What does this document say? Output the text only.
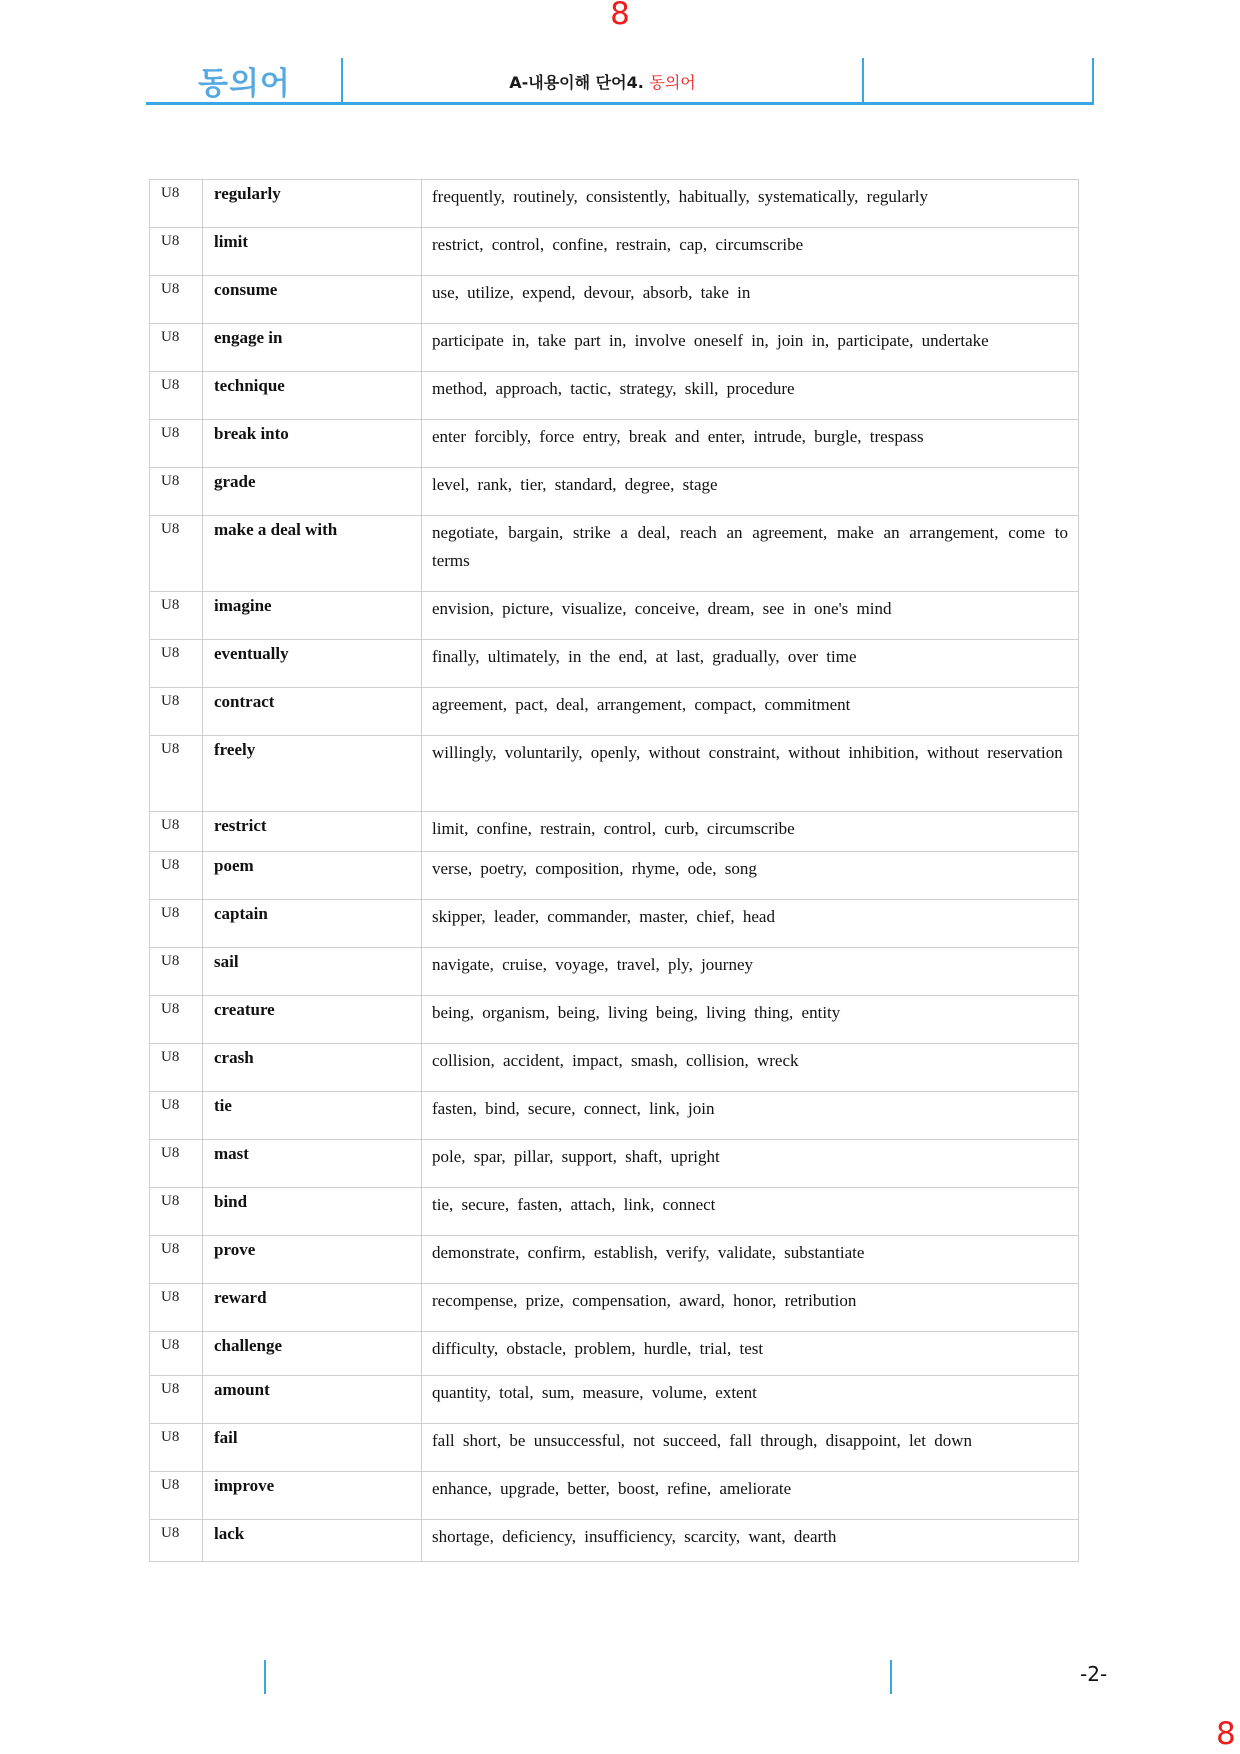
8
동의어	A-내용이해 단어4. 동의어
U8	regularly	frequently, routinely, consistently, habitually, systematically, regularly
U8	limit	restrict, control, confine, restrain, cap, circumscribe
U8	consume	use, utilize, expend, devour, absorb, take in
U8	engage in	participate in, take part in, involve oneself in, join in, participate, undertake
U8	technique	method, approach, tactic, strategy, skill, procedure
U8	break into	enter forcibly, force entry, break and enter, intrude, burgle, trespass
U8	grade	level, rank, tier, standard, degree, stage
U8	make a deal with	negotiate, bargain, strike a deal, reach an agreement, make an arrangement, come to terms
U8	imagine	envision, picture, visualize, conceive, dream, see in one's mind
U8	eventually	finally, ultimately, in the end, at last, gradually, over time
U8	contract	agreement, pact, deal, arrangement, compact, commitment
U8	freely	willingly, voluntarily, openly, without constraint, without inhibition, without reservation
U8	restrict	limit, confine, restrain, control, curb, circumscribe
U8	poem	verse, poetry, composition, rhyme, ode, song
U8	captain	skipper, leader, commander, master, chief, head
U8	sail	navigate, cruise, voyage, travel, ply, journey
U8	creature	being, organism, being, living being, living thing, entity
U8	crash	collision, accident, impact, smash, collision, wreck
U8	tie	fasten, bind, secure, connect, link, join
U8	mast	pole, spar, pillar, support, shaft, upright
U8	bind	tie, secure, fasten, attach, link, connect
U8	prove	demonstrate, confirm, establish, verify, validate, substantiate
U8	reward	recompense, prize, compensation, award, honor, retribution
U8	challenge	difficulty, obstacle, problem, hurdle, trial, test
U8	amount	quantity, total, sum, measure, volume, extent
U8	fail	fall short, be unsuccessful, not succeed, fall through, disappoint, let down
U8	improve	enhance, upgrade, better, boost, refine, ameliorate
U8	lack	shortage, deficiency, insufficiency, scarcity, want, dearth
-2-
8
